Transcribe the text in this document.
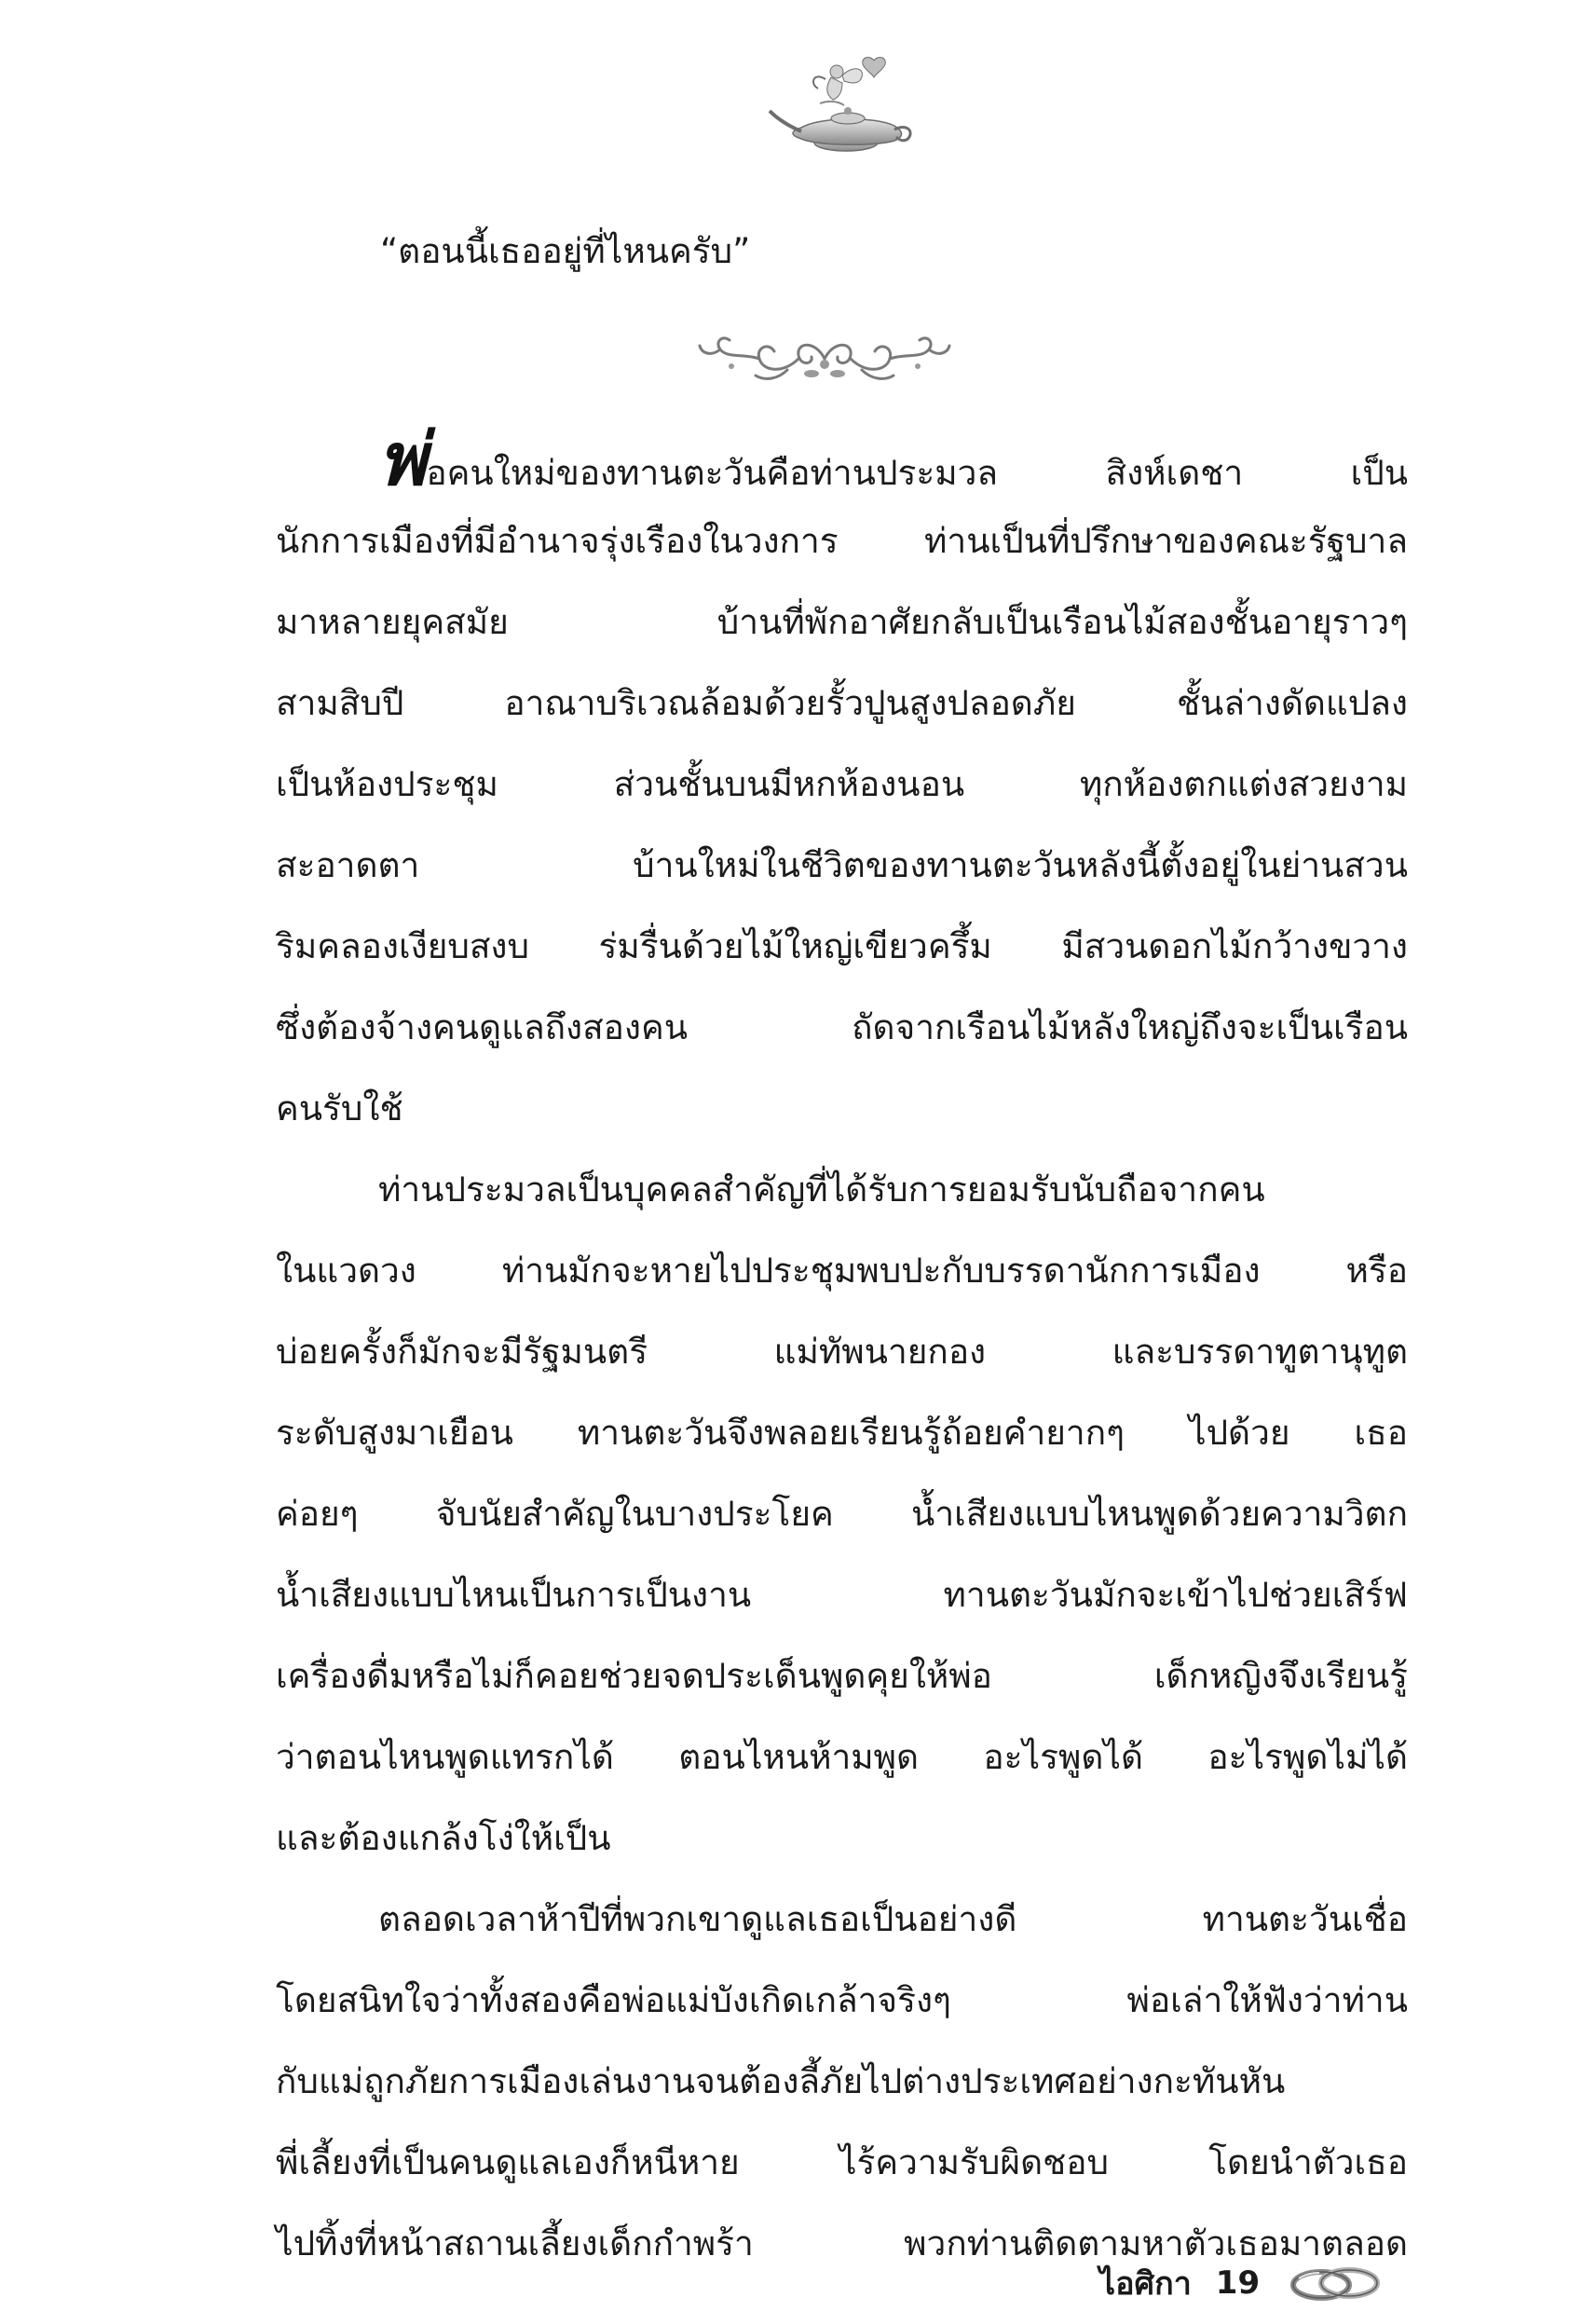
“ตอนนี้เธออยู่ที่ไหนครับ”
พ่อคนใหม่ของทานตะวันคือท่านประมวล สิงห์เดชา เป็น
นักการเมืองที่มีอำนาจรุ่งเรืองในวงการ ท่านเป็นที่ปรึกษาของคณะรัฐบาล
มาหลายยุคสมัย บ้านที่พักอาศัยกลับเป็นเรือนไม้สองชั้นอายุราวๆ
สามสิบปี อาณาบริเวณล้อมด้วยรั้วปูนสูงปลอดภัย ชั้นล่างดัดแปลง
เป็นห้องประชุม ส่วนชั้นบนมีหกห้องนอน ทุกห้องตกแต่งสวยงาม
สะอาดตา บ้านใหม่ในชีวิตของทานตะวันหลังนี้ตั้งอยู่ในย่านสวน
ริมคลองเงียบสงบ ร่มรื่นด้วยไม้ใหญ่เขียวครึ้ม มีสวนดอกไม้กว้างขวาง
ซึ่งต้องจ้างคนดูแลถึงสองคน ถัดจากเรือนไม้หลังใหญ่ถึงจะเป็นเรือน
คนรับใช้
ท่านประมวลเป็นบุคคลสำคัญที่ได้รับการยอมรับนับถือจากคน
ในแวดวง ท่านมักจะหายไปประชุมพบปะกับบรรดานักการเมือง หรือ
บ่อยครั้งก็มักจะมีรัฐมนตรี แม่ทัพนายกอง และบรรดาทูตานุทูต
ระดับสูงมาเยือน ทานตะวันจึงพลอยเรียนรู้ถ้อยคำยากๆ ไปด้วย เธอ
ค่อยๆ จับนัยสำคัญในบางประโยค น้ำเสียงแบบไหนพูดด้วยความวิตก
น้ำเสียงแบบไหนเป็นการเป็นงาน ทานตะวันมักจะเข้าไปช่วยเสิร์ฟ
เครื่องดื่มหรือไม่ก็คอยช่วยจดประเด็นพูดคุยให้พ่อ เด็กหญิงจึงเรียนรู้
ว่าตอนไหนพูดแทรกได้ ตอนไหนห้ามพูด อะไรพูดได้ อะไรพูดไม่ได้
และต้องแกล้งโง่ให้เป็น
ตลอดเวลาห้าปีที่พวกเขาดูแลเธอเป็นอย่างดี ทานตะวันเชื่อ
โดยสนิทใจว่าทั้งสองคือพ่อแม่บังเกิดเกล้าจริงๆ พ่อเล่าให้ฟังว่าท่าน
กับแม่ถูกภัยการเมืองเล่นงานจนต้องลี้ภัยไปต่างประเทศอย่างกะทันหัน
พี่เลี้ยงที่เป็นคนดูแลเองก็หนีหาย ไร้ความรับผิดชอบ โดยนำตัวเธอ
ไปทิ้งที่หน้าสถานเลี้ยงเด็กกำพร้า พวกท่านติดตามหาตัวเธอมาตลอด
ไอศิกา 19
